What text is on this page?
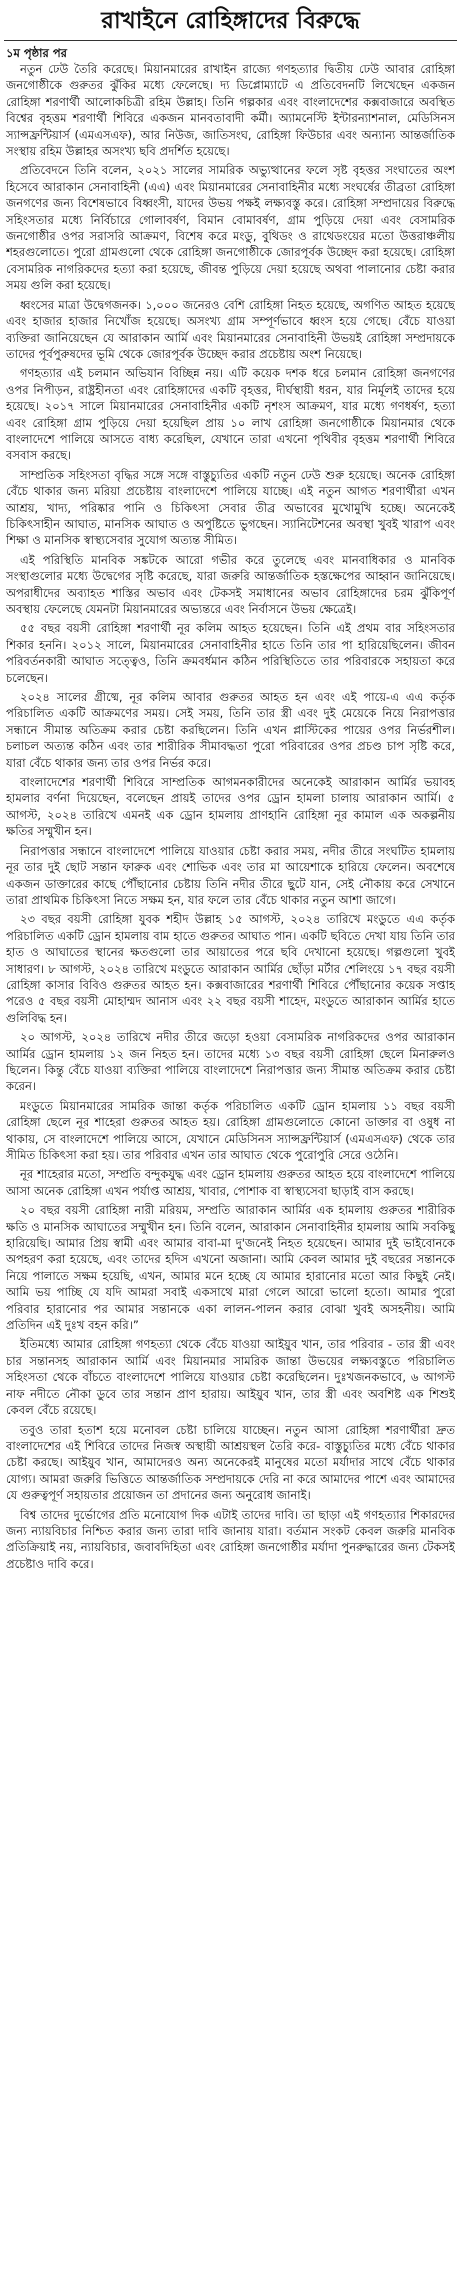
রাখাইনে রোহিঙ্গাদের বিরুদ্ধে
১ম পৃষ্ঠার পর

নতুন ঢেউ তৈরি করেছে। মিয়ানমারের রাখাইন রাজ্যে গণহত্যার দ্বিতীয় ঢেউ আবার রোহিঙ্গা জনগোষ্ঠীকে গুরুতর ঝুঁকির মধ্যে ফেলেছে। দ্য ডিপ্লোম্যাটে এ প্রতিবেদনটি লিখেছেন একজন রোহিঙ্গা শরণার্থী আলোকচিত্রী রহিম উল্লাহ। তিনি গল্পকার এবং বাংলাদেশের কক্সবাজারে অবস্থিত বিশ্বের বৃহত্তম শরণার্থী শিবিরে একজন মানবতাবাদী কর্মী। অ্যামনেস্টি ইন্টারন্যাশনাল, মেডিসিনস স্যান্সফ্রন্টিয়ার্স (এমএসএফ), আর নিউজ, জাতিসংঘ, রোহিঙ্গা ফিউচার এবং অন্যান্য আন্তর্জাতিক সংস্থায় রহিম উল্লাহর অসংখ্য ছবি প্রদর্শিত হয়েছে।

প্রতিবেদনে তিনি বলেন, ২০২১ সালের সামরিক অভ্যুত্থানের ফলে সৃষ্ট বৃহত্তর সংঘাতের অংশ হিসেবে আরাকান সেনাবাহিনী (এএ) এবং মিয়ানমারের সেনাবাহিনীর মধ্যে সংঘর্ষের তীব্রতা রোহিঙ্গা জনগণের জন্য বিশেষভাবে বিধ্বংসী, যাদের উভয় পক্ষই লক্ষ্যবস্তু করে। রোহিঙ্গা সম্প্রদায়ের বিরুদ্ধে সহিংসতার মধ্যে নির্বিচারে গোলাবর্ষণ, বিমান বোমাবর্ষণ, গ্রাম পুড়িয়ে দেয়া এবং বেসামরিক জনগোষ্ঠীর ওপর সরাসরি আক্রমণ, বিশেষ করে মংডু, বুথিডং ও রাথেডংয়ের মতো উত্তরাঞ্চলীয় শহরগুলোতে। পুরো গ্রামগুলো থেকে রোহিঙ্গা জনগোষ্ঠীকে জোরপূর্বক উচ্ছেদ করা হয়েছে। রোহিঙ্গা বেসামরিক নাগরিকদের হত্যা করা হয়েছে, জীবন্ত পুড়িয়ে দেয়া হয়েছে অথবা পালানোর চেষ্টা করার সময় গুলি করা হয়েছে।

ধ্বংসের মাত্রা উদ্বেগজনক। ১,০০০ জনেরও বেশি রোহিঙ্গা নিহত হয়েছে, অগণিত আহত হয়েছে এবং হাজার হাজার নিখোঁজ হয়েছে। অসংখ্য গ্রাম সম্পূর্ণভাবে ধ্বংস হয়ে গেছে। বেঁচে যাওয়া ব্যক্তিরা জানিয়েছেন যে আরাকান আর্মি এবং মিয়ানমারের সেনাবাহিনী উভয়ই রোহিঙ্গা সম্প্রদায়কে তাদের পূর্বপুরুষদের ভূমি থেকে জোরপূর্বক উচ্ছেদ করার প্রচেষ্টায় অংশ নিয়েছে।

গণহত্যার এই চলমান অভিযান বিচ্ছিন্ন নয়। এটি কয়েক দশক ধরে চলমান রোহিঙ্গা জনগণের ওপর নিপীড়ন, রাষ্ট্রহীনতা এবং রোহিঙ্গাদের একটি বৃহত্তর, দীর্ঘস্থায়ী ধরন, যার নির্মূলই তাদের হয়ে হয়েছে। ২০১৭ সালে মিয়ানমারের সেনাবাহিনীর একটি নৃশংস আক্রমণ, যার মধ্যে গণধর্ষণ, হত্যা এবং রোহিঙ্গা গ্রাম পুড়িয়ে দেয়া হয়েছিল প্রায় ১০ লাখ রোহিঙ্গা জনগোষ্ঠীকে মিয়ানমার থেকে বাংলাদেশে পালিয়ে আসতে বাধ্য করেছিল, যেখানে তারা এখনো পৃথিবীর বৃহত্তম শরণার্থী শিবিরে বসবাস করছে।

সাম্প্রতিক সহিংসতা বৃদ্ধির সঙ্গে সঙ্গে বাস্তুচ্যুতির একটি নতুন ঢেউ শুরু হয়েছে। অনেক রোহিঙ্গা বেঁচে থাকার জন্য মরিয়া প্রচেষ্টায় বাংলাদেশে পালিয়ে যাচ্ছে। এই নতুন আগত শরণার্থীরা এখন আশ্রয়, খাদ্য, পরিষ্কার পানি ও চিকিৎসা সেবার তীব্র অভাবের মুখোমুখি হচ্ছে। অনেকেই চিকিৎসাহীন আঘাত, মানসিক আঘাত ও অপুষ্টিতে ভুগছেন। স্যানিটেশনের অবস্থা খুবই খারাপ এবং শিক্ষা ও মানসিক স্বাস্থ্যসেবার সুযোগ অত্যন্ত সীমিত।

এই পরিস্থিতি মানবিক সঙ্কটকে আরো গভীর করে তুলেছে এবং মানবাধিকার ও মানবিক সংস্থাগুলোর মধ্যে উদ্বেগের সৃষ্টি করেছে, যারা জরুরি আন্তর্জাতিক হস্তক্ষেপের আহ্বান জানিয়েছে। অপরাধীদের অব্যাহত শাস্তির অভাব এবং টেকসই সমাধানের অভাব রোহিঙ্গাদের চরম ঝুঁকিপূর্ণ অবস্থায় ফেলেছে যেমনটা মিয়ানমারের অভ্যন্তরে এবং নির্বাসনে উভয় ক্ষেত্রেই।

৫৫ বছর বয়সী রোহিঙ্গা শরণার্থী নূর কলিম আহত হয়েছেন। তিনি এই প্রথম বার সহিংসতার শিকার হননি। ২০১২ সালে, মিয়ানমারের সেনাবাহিনীর হাতে তিনি তার পা হারিয়েছিলেন। জীবন পরিবর্তনকারী আঘাত সত্ত্বেও, তিনি ক্রমবর্ধমান কঠিন পরিস্থিতিতে তার পরিবারকে সহায়তা করে চলেছেন।

২০২৪ সালের গ্রীষ্মে, নূর কলিম আবার গুরুতর আহত হন এবং এই পায়ে-এ এএ কর্তৃক পরিচালিত একটি আক্রমণের সময়। সেই সময়, তিনি তার স্ত্রী এবং দুই মেয়েকে নিয়ে নিরাপত্তার সন্ধানে সীমান্ত অতিক্রম করার চেষ্টা করছিলেন। তিনি এখন প্লাস্টিকের পায়ের ওপর নির্ভরশীল। চলাচল অত্যন্ত কঠিন এবং তার শারীরিক সীমাবদ্ধতা পুরো পরিবারের ওপর প্রচণ্ড চাপ সৃষ্টি করে, যারা বেঁচে থাকার জন্য তার ওপর নির্ভর করে।

বাংলাদেশের শরণার্থী শিবিরে সাম্প্রতিক আগমনকারীদের অনেকেই আরাকান আর্মির ভয়াবহ হামলার বর্ণনা দিয়েছেন, বলেছেন প্রায়ই তাদের ওপর ড্রোন হামলা চালায় আরাকান আর্মি। ৫ আগস্ট, ২০২৪ তারিখে এমনই এক ড্রোন হামলায় প্রাণহানি রোহিঙ্গা নূর কামাল এক অকল্পনীয় ক্ষতির সম্মুখীন হন।

নিরাপত্তার সন্ধানে বাংলাদেশে পালিয়ে যাওয়ার চেষ্টা করার সময়, নদীর তীরে সংঘটিত হামলায় নূর তার দুই ছোট সন্তান ফারুক এবং শোভিক এবং তার মা আয়েশাকে হারিয়ে ফেলেন। অবশেষে একজন ডাক্তারের কাছে পৌঁছানোর চেষ্টায় তিনি নদীর তীরে ছুটে যান, সেই নৌকায় করে সেখানে তারা প্রাথমিক চিকিৎসা নিতে সক্ষম হন, যার ফলে তার বেঁচে থাকার নতুন আশা জাগে।

২৩ বছর বয়সী রোহিঙ্গা যুবক শহীদ উল্লাহ ১৫ আগস্ট, ২০২৪ তারিখে মংডুতে এএ কর্তৃক পরিচালিত একটি ড্রোন হামলায় বাম হাতে গুরুতর আঘাত পান। একটি ছবিতে দেখা যায় তিনি তার হাত ও আঘাতের স্থানের ক্ষতগুলো তার আয়াতের পরে ছবি দেখানো হয়েছে। গল্পগুলো খুবই সাধারণ। ৮ আগস্ট, ২০২৪ তারিখে মংডুতে আরাকান আর্মির ছোঁড়া মর্টার শেলিংয়ে ১৭ বছর বয়সী রোহিঙ্গা কাসার বিবিও গুরুতর আহত হন। কক্সবাজারের শরণার্থী শিবিরে পৌঁছানোর কয়েক সপ্তাহ পরেও ৫ বছর বয়সী মোহাম্মদ আনাস এবং ২২ বছর বয়সী শাহেদ, মংডুতে আরাকান আর্মির হাতে গুলিবিদ্ধ হন।

২০ আগস্ট, ২০২৪ তারিখে নদীর তীরে জড়ো হওয়া বেসামরিক নাগরিকদের ওপর আরাকান আর্মির ড্রোন হামলায় ১২ জন নিহত হন। তাদের মধ্যে ১৩ বছর বয়সী রোহিঙ্গা ছেলে মিনারুলও ছিলেন। কিন্তু বেঁচে যাওয়া ব্যক্তিরা পালিয়ে বাংলাদেশে নিরাপত্তার জন্য সীমান্ত অতিক্রম করার চেষ্টা করেন।

মংডুতে মিয়ানমারের সামরিক জান্তা কর্তৃক পরিচালিত একটি ড্রোন হামলায় ১১ বছর বয়সী রোহিঙ্গা ছেলে নূর শাহেরা গুরুতর আহত হয়। রোহিঙ্গা গ্রামগুলোতে কোনো ডাক্তার বা ওষুধ না থাকায়, সে বাংলাদেশে পালিয়ে আসে, যেখানে মেডিসিনস স্যান্সফ্রন্টিয়ার্স (এমএসএফ) থেকে তার সীমিত চিকিৎসা করা হয়। তার পরিবার এখন তার আঘাত থেকে পুরোপুরি সেরে ওঠেনি।

নূর শাহেরার মতো, সম্প্রতি বন্দুকযুদ্ধ এবং ড্রোন হামলায় গুরুতর আহত হয়ে বাংলাদেশে পালিয়ে আসা অনেক রোহিঙ্গা এখন পর্যাপ্ত আশ্রয়, খাবার, পোশাক বা স্বাস্থ্যসেবা ছাড়াই বাস করছে।

২০ বছর বয়সী রোহিঙ্গা নারী মরিয়ম, সম্প্রতি আরাকান আর্মির এক হামলায় গুরুতর শারীরিক ক্ষতি ও মানসিক আঘাতের সম্মুখীন হন। তিনি বলেন, আরাকান সেনাবাহিনীর হামলায় আমি সবকিছু হারিয়েছি। আমার প্রিয় স্বামী এবং আমার বাবা-মা দু'জনেই নিহত হয়েছেন। আমার দুই ভাইবোনকে অপহরণ করা হয়েছে, এবং তাদের হদিস এখনো অজানা। আমি কেবল আমার দুই বছরের সন্তানকে নিয়ে পালাতে সক্ষম হয়েছি, এখন, আমার মনে হচ্ছে যে আমার হারানোর মতো আর কিছুই নেই। আমি ভয় পাচ্ছি যে যদি আমরা সবাই একসাথে মারা গেলে আরো ভালো হতো। আমার পুরো পরিবার হারানোর পর আমার সন্তানকে একা লালন-পালন করার বোঝা খুবই অসহনীয়। আমি প্রতিদিন এই দুঃখ বহন করি।”

ইতিমধ্যে আমার রোহিঙ্গা গণহত্যা থেকে বেঁচে যাওয়া আইয়ুব খান, তার পরিবার - তার স্ত্রী এবং চার সন্তানসহ আরাকান আর্মি এবং মিয়ানমার সামরিক জান্তা উভয়ের লক্ষ্যবস্তুতে পরিচালিত সহিংসতা থেকে বাঁচতে বাংলাদেশে পালিয়ে যাওয়ার চেষ্টা করেছিলেন। দুঃখজনকভাবে, ৬ আগস্ট নাফ নদীতে নৌকা ডুবে তার সন্তান প্রাণ হারায়। আইয়ুব খান, তার স্ত্রী এবং অবশিষ্ট এক শিশুই কেবল বেঁচে রয়েছে।

তবুও তারা হতাশ হয়ে মনোবল চেষ্টা চালিয়ে যাচ্ছেন। নতুন আসা রোহিঙ্গা শরণার্থীরা দ্রুত বাংলাদেশের এই শিবিরে তাদের নিজস্ব অস্থায়ী আশ্রয়স্থল তৈরি করে- বাস্তুচ্যুতির মধ্যে বেঁচে থাকার চেষ্টা করছে। আইয়ুব খান, আমাদেরও অন্য অনেকেরই মানুষের মতো মর্যাদার সাথে বেঁচে থাকার যোগ্য। আমরা জরুরি ভিত্তিতে আন্তর্জাতিক সম্প্রদায়কে দেরি না করে আমাদের পাশে এবং আমাদের যে গুরুত্বপূর্ণ সহায়তার প্রয়োজন তা প্রদানের জন্য অনুরোধ জানাই।

বিশ্ব তাদের দুর্ভোগের প্রতি মনোযোগ দিক এটাই তাদের দাবি। তা ছাড়া এই গণহত্যার শিকারদের জন্য ন্যায়বিচার নিশ্চিত করার জন্য তারা দাবি জানায় যারা। বর্তমান সংকট কেবল জরুরি মানবিক প্রতিক্রিয়াই নয়, ন্যায়বিচার, জবাবদিহিতা এবং রোহিঙ্গা জনগোষ্ঠীর মর্যাদা পুনরুদ্ধারের জন্য টেকসই প্রচেষ্টাও দাবি করে।
